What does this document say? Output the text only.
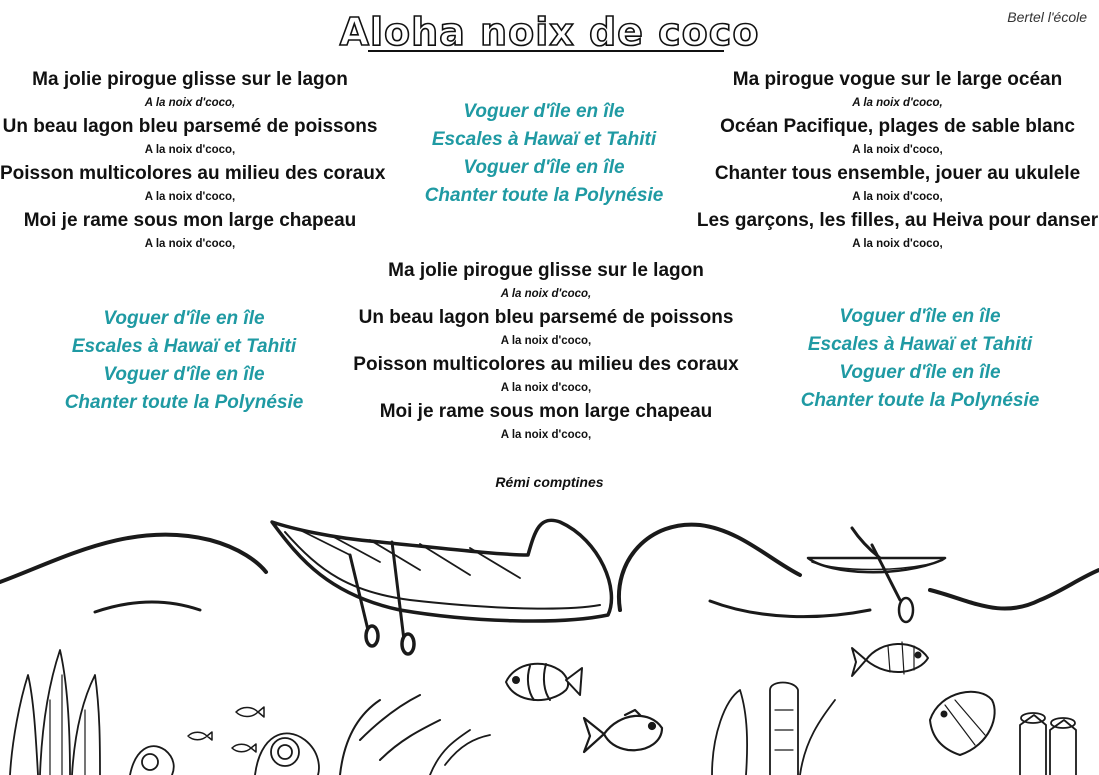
Aloha noix de coco	Bertel l'école
Ma jolie pirogue glisse sur le lagon
A la noix d'coco,
Un beau lagon bleu parsemé de poissons
A la noix d'coco,
Poisson multicolores au milieu des coraux
A la noix d'coco,
Moi je rame sous mon large chapeau
A la noix d'coco,
Voguer d'île en île
Escales à Hawaï et Tahiti
Voguer d'île en île
Chanter toute la Polynésie
Ma pirogue vogue sur le large océan
A la noix d'coco,
Océan Pacifique, plages de sable blanc
A la noix d'coco,
Chanter tous ensemble, jouer au ukulele
A la noix d'coco,
Les garçons, les filles, au Heiva pour danser
A la noix d'coco,
Ma jolie pirogue glisse sur le lagon
A la noix d'coco,
Un beau lagon bleu parsemé de poissons
A la noix d'coco,
Poisson multicolores au milieu des coraux
A la noix d'coco,
Moi je rame sous mon large chapeau
A la noix d'coco,
Voguer d'île en île
Escales à Hawaï et Tahiti
Voguer d'île en île
Chanter toute la Polynésie
Voguer d'île en île
Escales à Hawaï et Tahiti
Voguer d'île en île
Chanter toute la Polynésie
Rémi comptines
